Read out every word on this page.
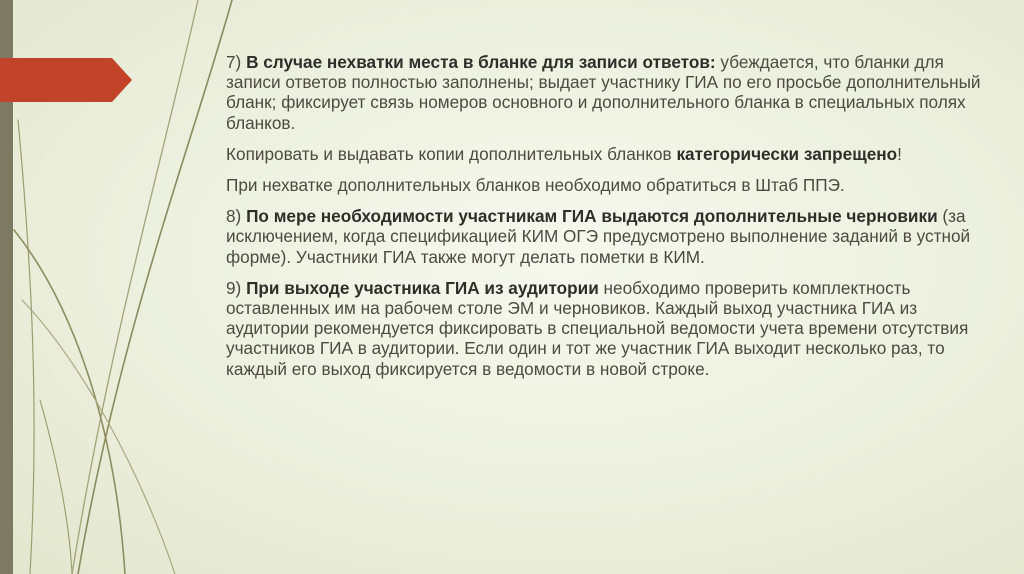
7) В случае нехватки места в бланке для записи ответов: убеждается, что бланки для записи ответов полностью заполнены; выдает участнику ГИА по его просьбе дополнительный бланк; фиксирует связь номеров основного и дополнительного бланка в специальных полях бланков.

Копировать и выдавать копии дополнительных бланков категорически запрещено!

При нехватке дополнительных бланков необходимо обратиться в Штаб ППЭ.

8) По мере необходимости участникам ГИА выдаются дополнительные черновики (за исключением, когда спецификацией КИМ ОГЭ предусмотрено выполнение заданий в устной форме). Участники ГИА также могут делать пометки в КИМ.

9) При выходе участника ГИА из аудитории необходимо проверить комплектность оставленных им на рабочем столе ЭМ и черновиков. Каждый выход участника ГИА из аудитории рекомендуется фиксировать в специальной ведомости учета времени отсутствия участников ГИА в аудитории. Если один и тот же участник ГИА выходит несколько раз, то каждый его выход фиксируется в ведомости в новой строке.
